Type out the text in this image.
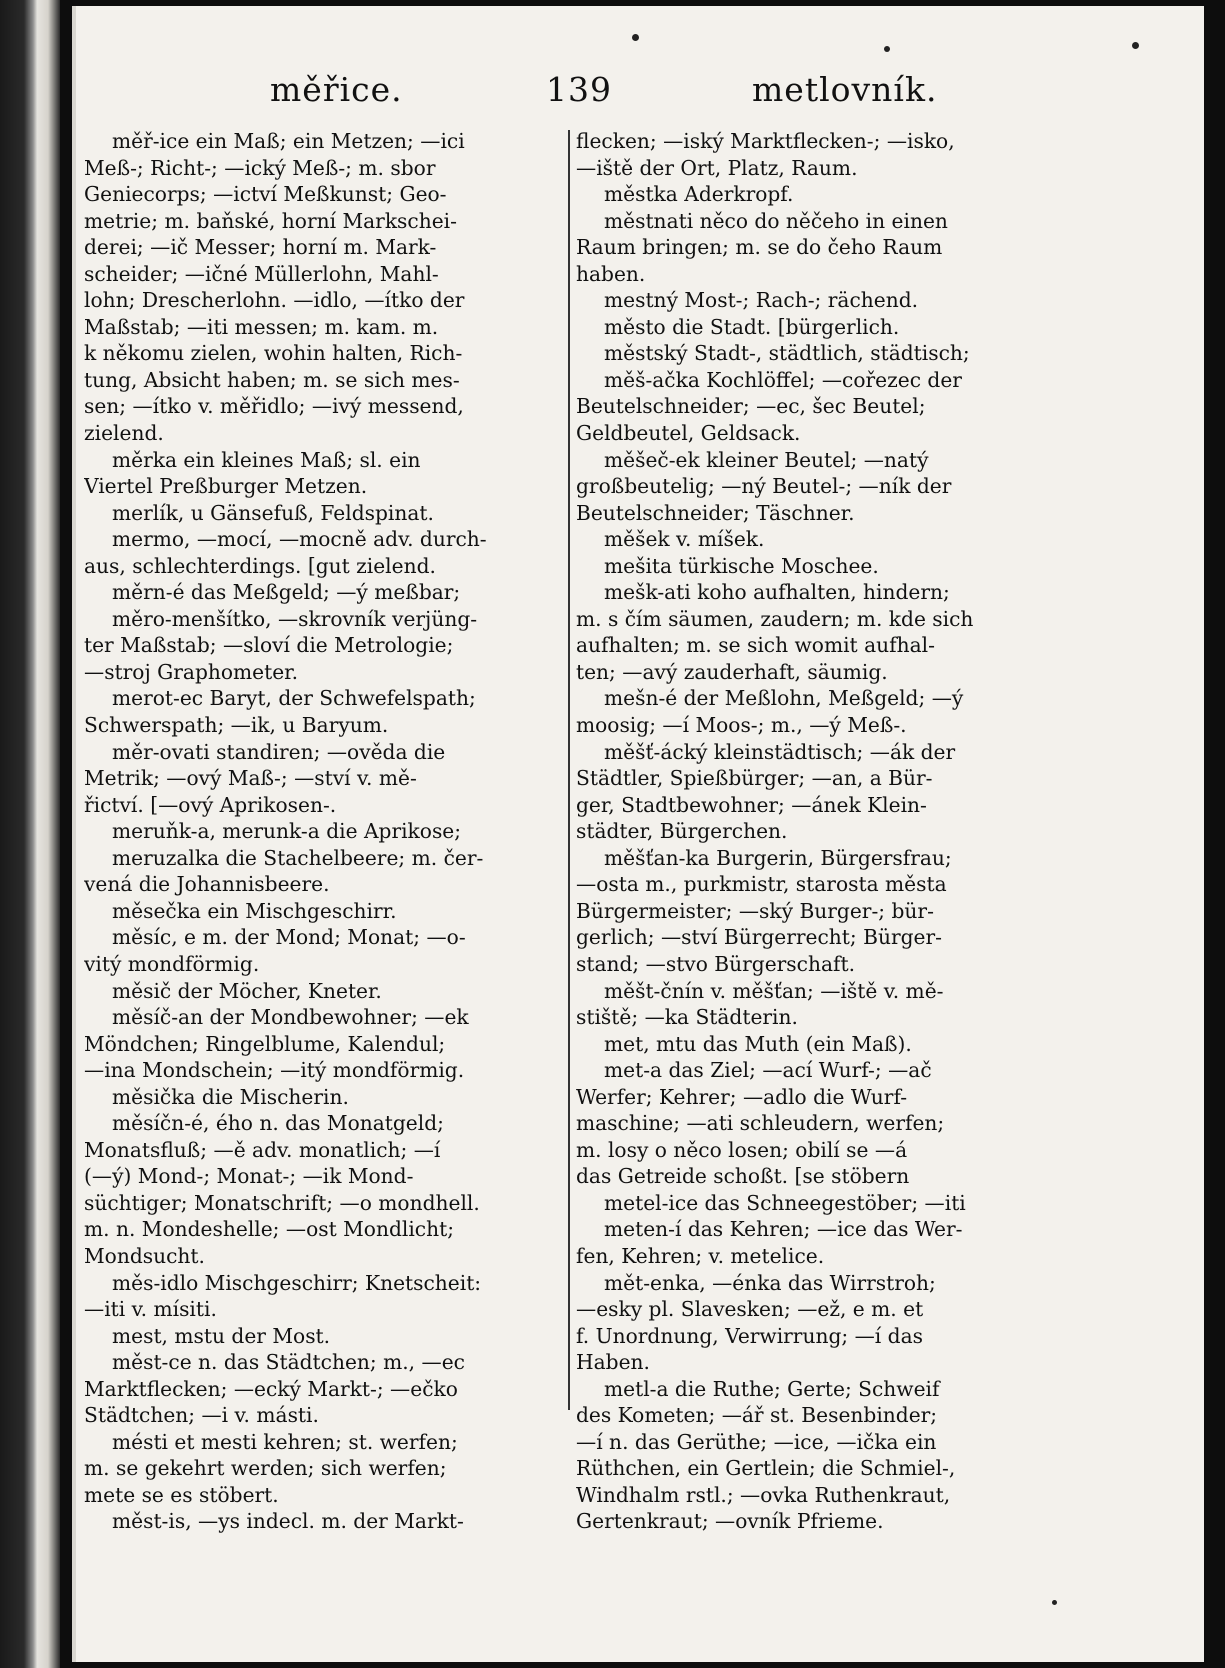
měřice.	139	metlovník.
měř-ice ein Maß; ein Metzen; —ici
Meß-; Richt-; —ický Meß-; m. sbor
Geniecorps; —ictví Meßkunst; Geo-
metrie; m. baňské, horní Markschei-
derei; —ič Messer; horní m. Mark-
scheider; —ičné Müllerlohn, Mahl-
lohn; Drescherlohn. —idlo, —ítko der
Maßstab; —iti messen; m. kam. m.
k někomu zielen, wohin halten, Rich-
tung, Absicht haben; m. se sich mes-
sen; —ítko v. měřidlo; —ivý messend,
zielend.
měrka ein kleines Maß; sl. ein
Viertel Preßburger Metzen.
merlík, u Gänsefuß, Feldspinat.
mermo, —mocí, —mocně adv. durch-
aus, schlechterdings. [gut zielend.
měrn-é das Meßgeld; —ý meßbar;
měro-menšítko, —skrovník verjüng-
ter Maßstab; —sloví die Metrologie;
—stroj Graphometer.
merot-ec Baryt, der Schwefelspath;
Schwerspath; —ik, u Baryum.
měr-ovati standiren; —ověda die
Metrik; —ový Maß-; —ství v. mě-
řictví. [—ový Aprikosen-.
meruňk-a, merunk-a die Aprikose;
meruzalka die Stachelbeere; m. čer-
vená die Johannisbeere.
měsečka ein Mischgeschirr.
měsíc, e m. der Mond; Monat; —o-
vitý mondförmig.
měsič der Möcher, Kneter.
měsíč-an der Mondbewohner; —ek
Möndchen; Ringelblume, Kalendul;
—ina Mondschein; —itý mondförmig.
měsička die Mischerin.
měsíčn-é, ého n. das Monatgeld;
Monatsfluß; —ě adv. monatlich; —í
(—ý) Mond-; Monat-; —ik Mond-
süchtiger; Monatschrift; —o mondhell.
m. n. Mondeshelle; —ost Mondlicht;
Mondsucht.
měs-idlo Mischgeschirr; Knetscheit:
—iti v. mísiti.
mest, mstu der Most.
měst-ce n. das Städtchen; m., —ec
Marktflecken; —ecký Markt-; —ečko
Städtchen; —i v. másti.
mésti et mesti kehren; st. werfen;
m. se gekehrt werden; sich werfen;
mete se es stöbert.
měst-is, —ys indecl. m. der Markt-
flecken; —iský Marktflecken-; —isko,
—iště der Ort, Platz, Raum.
městka Aderkropf.
městnati něco do něčeho in einen
Raum bringen; m. se do čeho Raum
haben.
mestný Most-; Rach-; rächend.
město die Stadt. [bürgerlich.
městský Stadt-, städtlich, städtisch;
měš-ačka Kochlöffel; —cořezec der
Beutelschneider; —ec, šec Beutel;
Geldbeutel, Geldsack.
měšeč-ek kleiner Beutel; —natý
großbeutelig; —ný Beutel-; —ník der
Beutelschneider; Täschner.
měšek v. míšek.
mešita türkische Moschee.
mešk-ati koho aufhalten, hindern;
m. s čím säumen, zaudern; m. kde sich
aufhalten; m. se sich womit aufhal-
ten; —avý zauderhaft, säumig.
mešn-é der Meßlohn, Meßgeld; —ý
moosig; —í Moos-; m., —ý Meß-.
měšť-ácký kleinstädtisch; —ák der
Städtler, Spießbürger; —an, a Bür-
ger, Stadtbewohner; —ánek Klein-
städter, Bürgerchen.
měšťan-ka Burgerin, Bürgersfrau;
—osta m., purkmistr, starosta města
Bürgermeister; —ský Burger-; bür-
gerlich; —ství Bürgerrecht; Bürger-
stand; —stvo Bürgerschaft.
měšt-čnín v. měšťan; —iště v. mě-
stiště; —ka Städterin.
met, mtu das Muth (ein Maß).
met-a das Ziel; —ací Wurf-; —ač
Werfer; Kehrer; —adlo die Wurf-
maschine; —ati schleudern, werfen;
m. losy o něco losen; obilí se —á
das Getreide schoßt. [se stöbern
metel-ice das Schneegestöber; —iti
meten-í das Kehren; —ice das Wer-
fen, Kehren; v. metelice.
mět-enka, —énka das Wirrstroh;
—esky pl. Slavesken; —ež, e m. et
f. Unordnung, Verwirrung; —í das
Haben.
metl-a die Ruthe; Gerte; Schweif
des Kometen; —ář st. Besenbinder;
—í n. das Gerüthe; —ice, —ička ein
Rüthchen, ein Gertlein; die Schmiel-,
Windhalm rstl.; —ovka Ruthenkraut,
Gertenkraut; —ovník Pfrieme.
